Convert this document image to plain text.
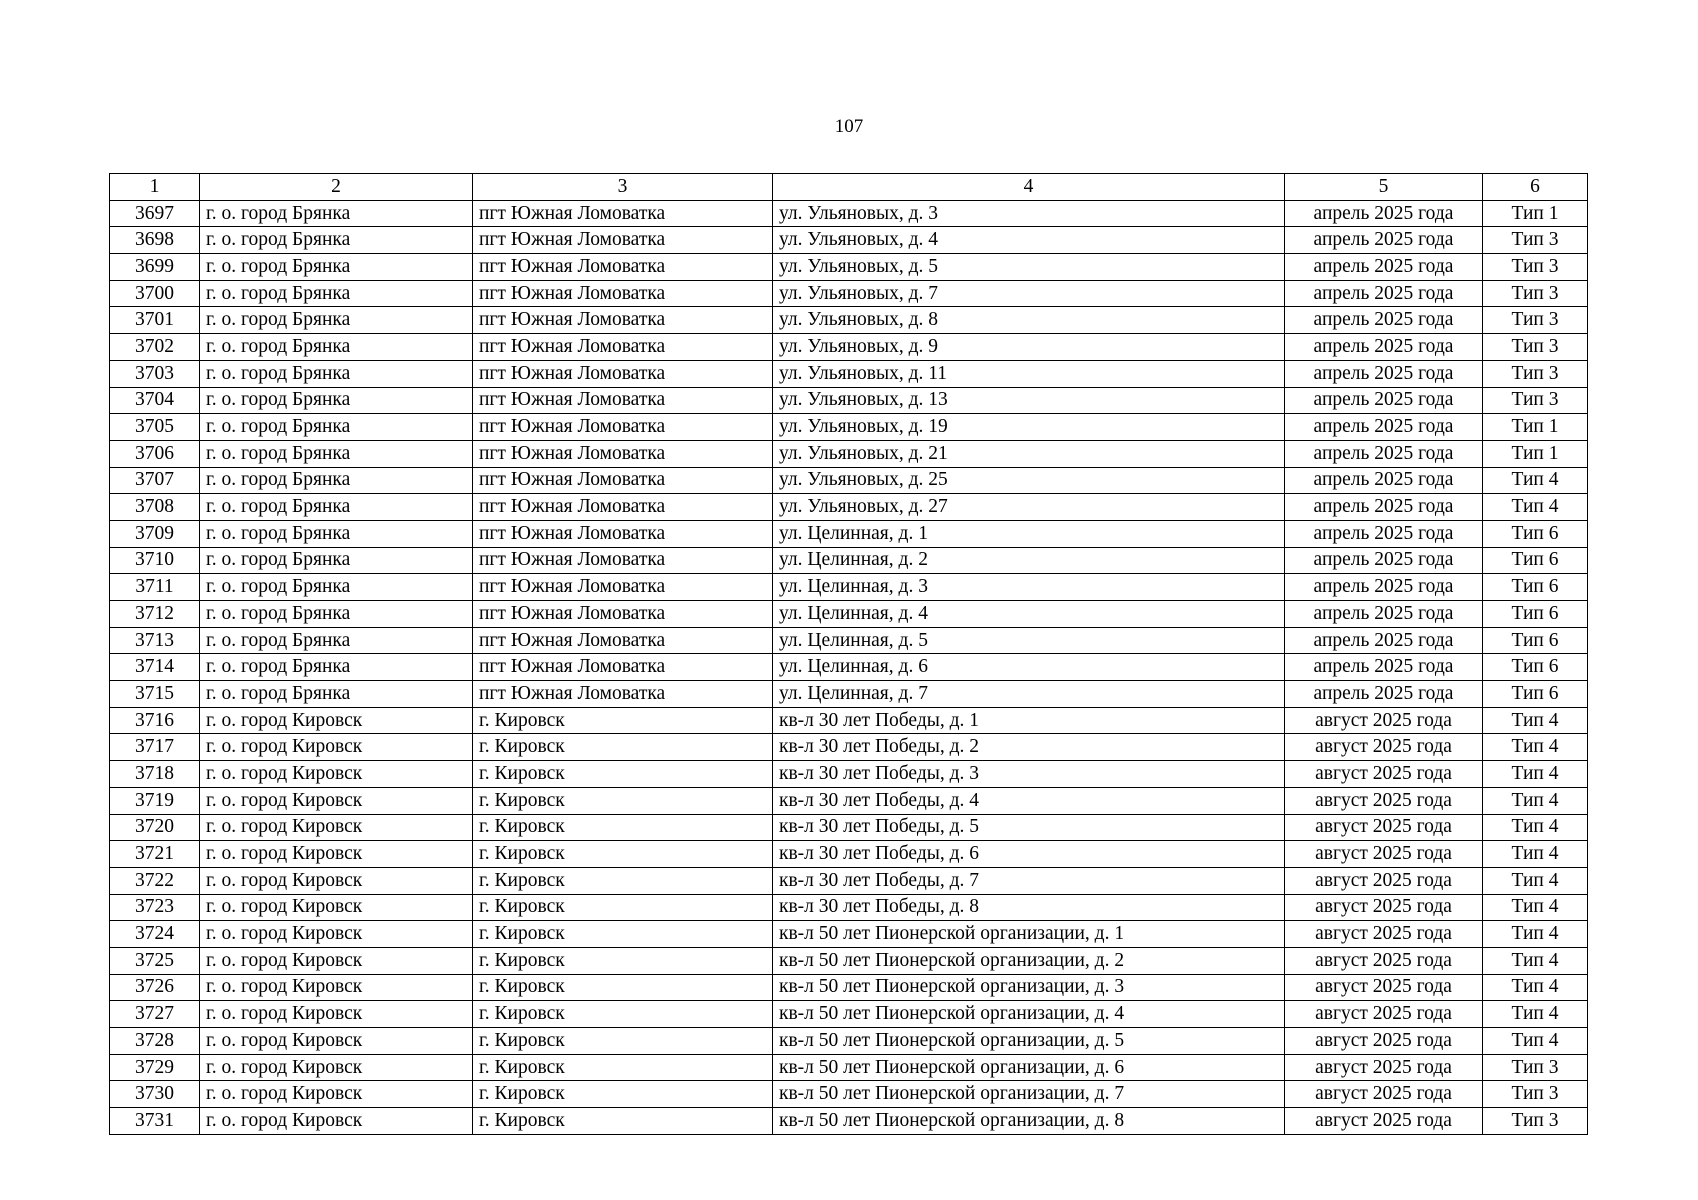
107
1	2	3	4	5	6
3697	г. о. город Брянка	пгт Южная Ломоватка	ул. Ульяновых, д. 3	апрель 2025 года	Тип 1
3698	г. о. город Брянка	пгт Южная Ломоватка	ул. Ульяновых, д. 4	апрель 2025 года	Тип 3
3699	г. о. город Брянка	пгт Южная Ломоватка	ул. Ульяновых, д. 5	апрель 2025 года	Тип 3
3700	г. о. город Брянка	пгт Южная Ломоватка	ул. Ульяновых, д. 7	апрель 2025 года	Тип 3
3701	г. о. город Брянка	пгт Южная Ломоватка	ул. Ульяновых, д. 8	апрель 2025 года	Тип 3
3702	г. о. город Брянка	пгт Южная Ломоватка	ул. Ульяновых, д. 9	апрель 2025 года	Тип 3
3703	г. о. город Брянка	пгт Южная Ломоватка	ул. Ульяновых, д. 11	апрель 2025 года	Тип 3
3704	г. о. город Брянка	пгт Южная Ломоватка	ул. Ульяновых, д. 13	апрель 2025 года	Тип 3
3705	г. о. город Брянка	пгт Южная Ломоватка	ул. Ульяновых, д. 19	апрель 2025 года	Тип 1
3706	г. о. город Брянка	пгт Южная Ломоватка	ул. Ульяновых, д. 21	апрель 2025 года	Тип 1
3707	г. о. город Брянка	пгт Южная Ломоватка	ул. Ульяновых, д. 25	апрель 2025 года	Тип 4
3708	г. о. город Брянка	пгт Южная Ломоватка	ул. Ульяновых, д. 27	апрель 2025 года	Тип 4
3709	г. о. город Брянка	пгт Южная Ломоватка	ул. Целинная, д. 1	апрель 2025 года	Тип 6
3710	г. о. город Брянка	пгт Южная Ломоватка	ул. Целинная, д. 2	апрель 2025 года	Тип 6
3711	г. о. город Брянка	пгт Южная Ломоватка	ул. Целинная, д. 3	апрель 2025 года	Тип 6
3712	г. о. город Брянка	пгт Южная Ломоватка	ул. Целинная, д. 4	апрель 2025 года	Тип 6
3713	г. о. город Брянка	пгт Южная Ломоватка	ул. Целинная, д. 5	апрель 2025 года	Тип 6
3714	г. о. город Брянка	пгт Южная Ломоватка	ул. Целинная, д. 6	апрель 2025 года	Тип 6
3715	г. о. город Брянка	пгт Южная Ломоватка	ул. Целинная, д. 7	апрель 2025 года	Тип 6
3716	г. о. город Кировск	г. Кировск	кв-л 30 лет Победы, д. 1	август 2025 года	Тип 4
3717	г. о. город Кировск	г. Кировск	кв-л 30 лет Победы, д. 2	август 2025 года	Тип 4
3718	г. о. город Кировск	г. Кировск	кв-л 30 лет Победы, д. 3	август 2025 года	Тип 4
3719	г. о. город Кировск	г. Кировск	кв-л 30 лет Победы, д. 4	август 2025 года	Тип 4
3720	г. о. город Кировск	г. Кировск	кв-л 30 лет Победы, д. 5	август 2025 года	Тип 4
3721	г. о. город Кировск	г. Кировск	кв-л 30 лет Победы, д. 6	август 2025 года	Тип 4
3722	г. о. город Кировск	г. Кировск	кв-л 30 лет Победы, д. 7	август 2025 года	Тип 4
3723	г. о. город Кировск	г. Кировск	кв-л 30 лет Победы, д. 8	август 2025 года	Тип 4
3724	г. о. город Кировск	г. Кировск	кв-л 50 лет Пионерской организации, д. 1	август 2025 года	Тип 4
3725	г. о. город Кировск	г. Кировск	кв-л 50 лет Пионерской организации, д. 2	август 2025 года	Тип 4
3726	г. о. город Кировск	г. Кировск	кв-л 50 лет Пионерской организации, д. 3	август 2025 года	Тип 4
3727	г. о. город Кировск	г. Кировск	кв-л 50 лет Пионерской организации, д. 4	август 2025 года	Тип 4
3728	г. о. город Кировск	г. Кировск	кв-л 50 лет Пионерской организации, д. 5	август 2025 года	Тип 4
3729	г. о. город Кировск	г. Кировск	кв-л 50 лет Пионерской организации, д. 6	август 2025 года	Тип 3
3730	г. о. город Кировск	г. Кировск	кв-л 50 лет Пионерской организации, д. 7	август 2025 года	Тип 3
3731	г. о. город Кировск	г. Кировск	кв-л 50 лет Пионерской организации, д. 8	август 2025 года	Тип 3
